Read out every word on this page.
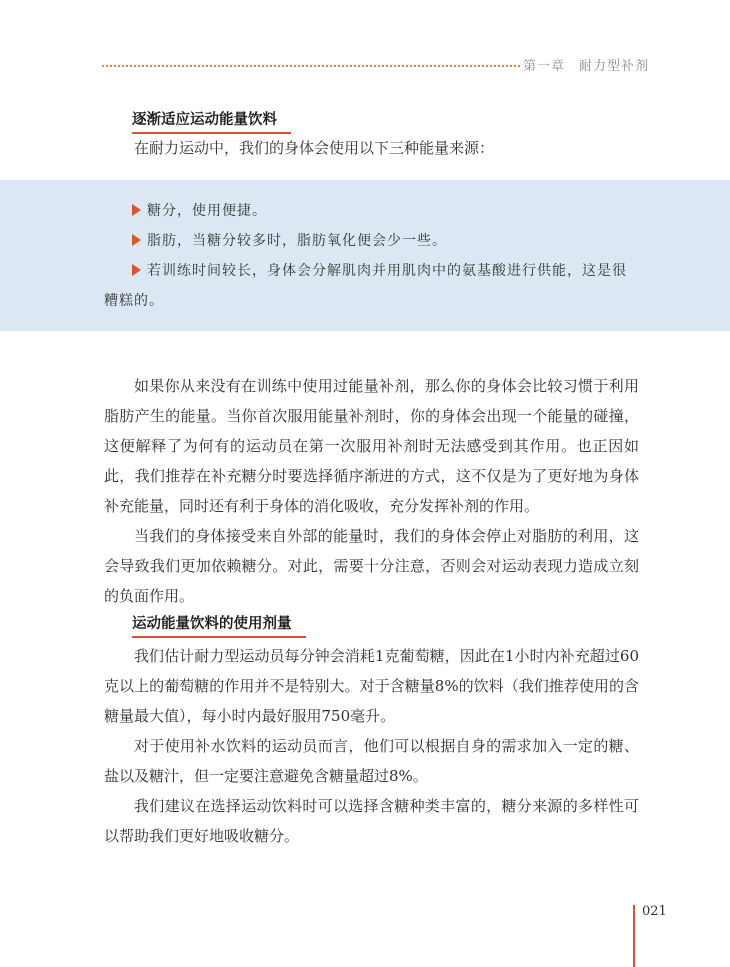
第一章　耐力型补剂
逐渐适应运动能量饮料

在耐力运动中，我们的身体会使用以下三种能量来源：

糖分，使用便捷。
脂肪，当糖分较多时，脂肪氧化便会少一些。
若训练时间较长，身体会分解肌肉并用肌肉中的氨基酸进行供能，这是很糟糕的。

如果你从来没有在训练中使用过能量补剂，那么你的身体会比较习惯于利用脂肪产生的能量。当你首次服用能量补剂时，你的身体会出现一个能量的碰撞，这便解释了为何有的运动员在第一次服用补剂时无法感受到其作用。也正因如此，我们推荐在补充糖分时要选择循序渐进的方式，这不仅是为了更好地为身体补充能量，同时还有利于身体的消化吸收，充分发挥补剂的作用。

当我们的身体接受来自外部的能量时，我们的身体会停止对脂肪的利用，这会导致我们更加依赖糖分。对此，需要十分注意，否则会对运动表现力造成立刻的负面作用。

运动能量饮料的使用剂量

我们估计耐力型运动员每分钟会消耗1克葡萄糖，因此在1小时内补充超过60克以上的葡萄糖的作用并不是特别大。对于含糖量8%的饮料（我们推荐使用的含糖量最大值），每小时内最好服用750毫升。

对于使用补水饮料的运动员而言，他们可以根据自身的需求加入一定的糖、盐以及糖汁，但一定要注意避免含糖量超过8%。

我们建议在选择运动饮料时可以选择含糖种类丰富的，糖分来源的多样性可以帮助我们更好地吸收糖分。

021
